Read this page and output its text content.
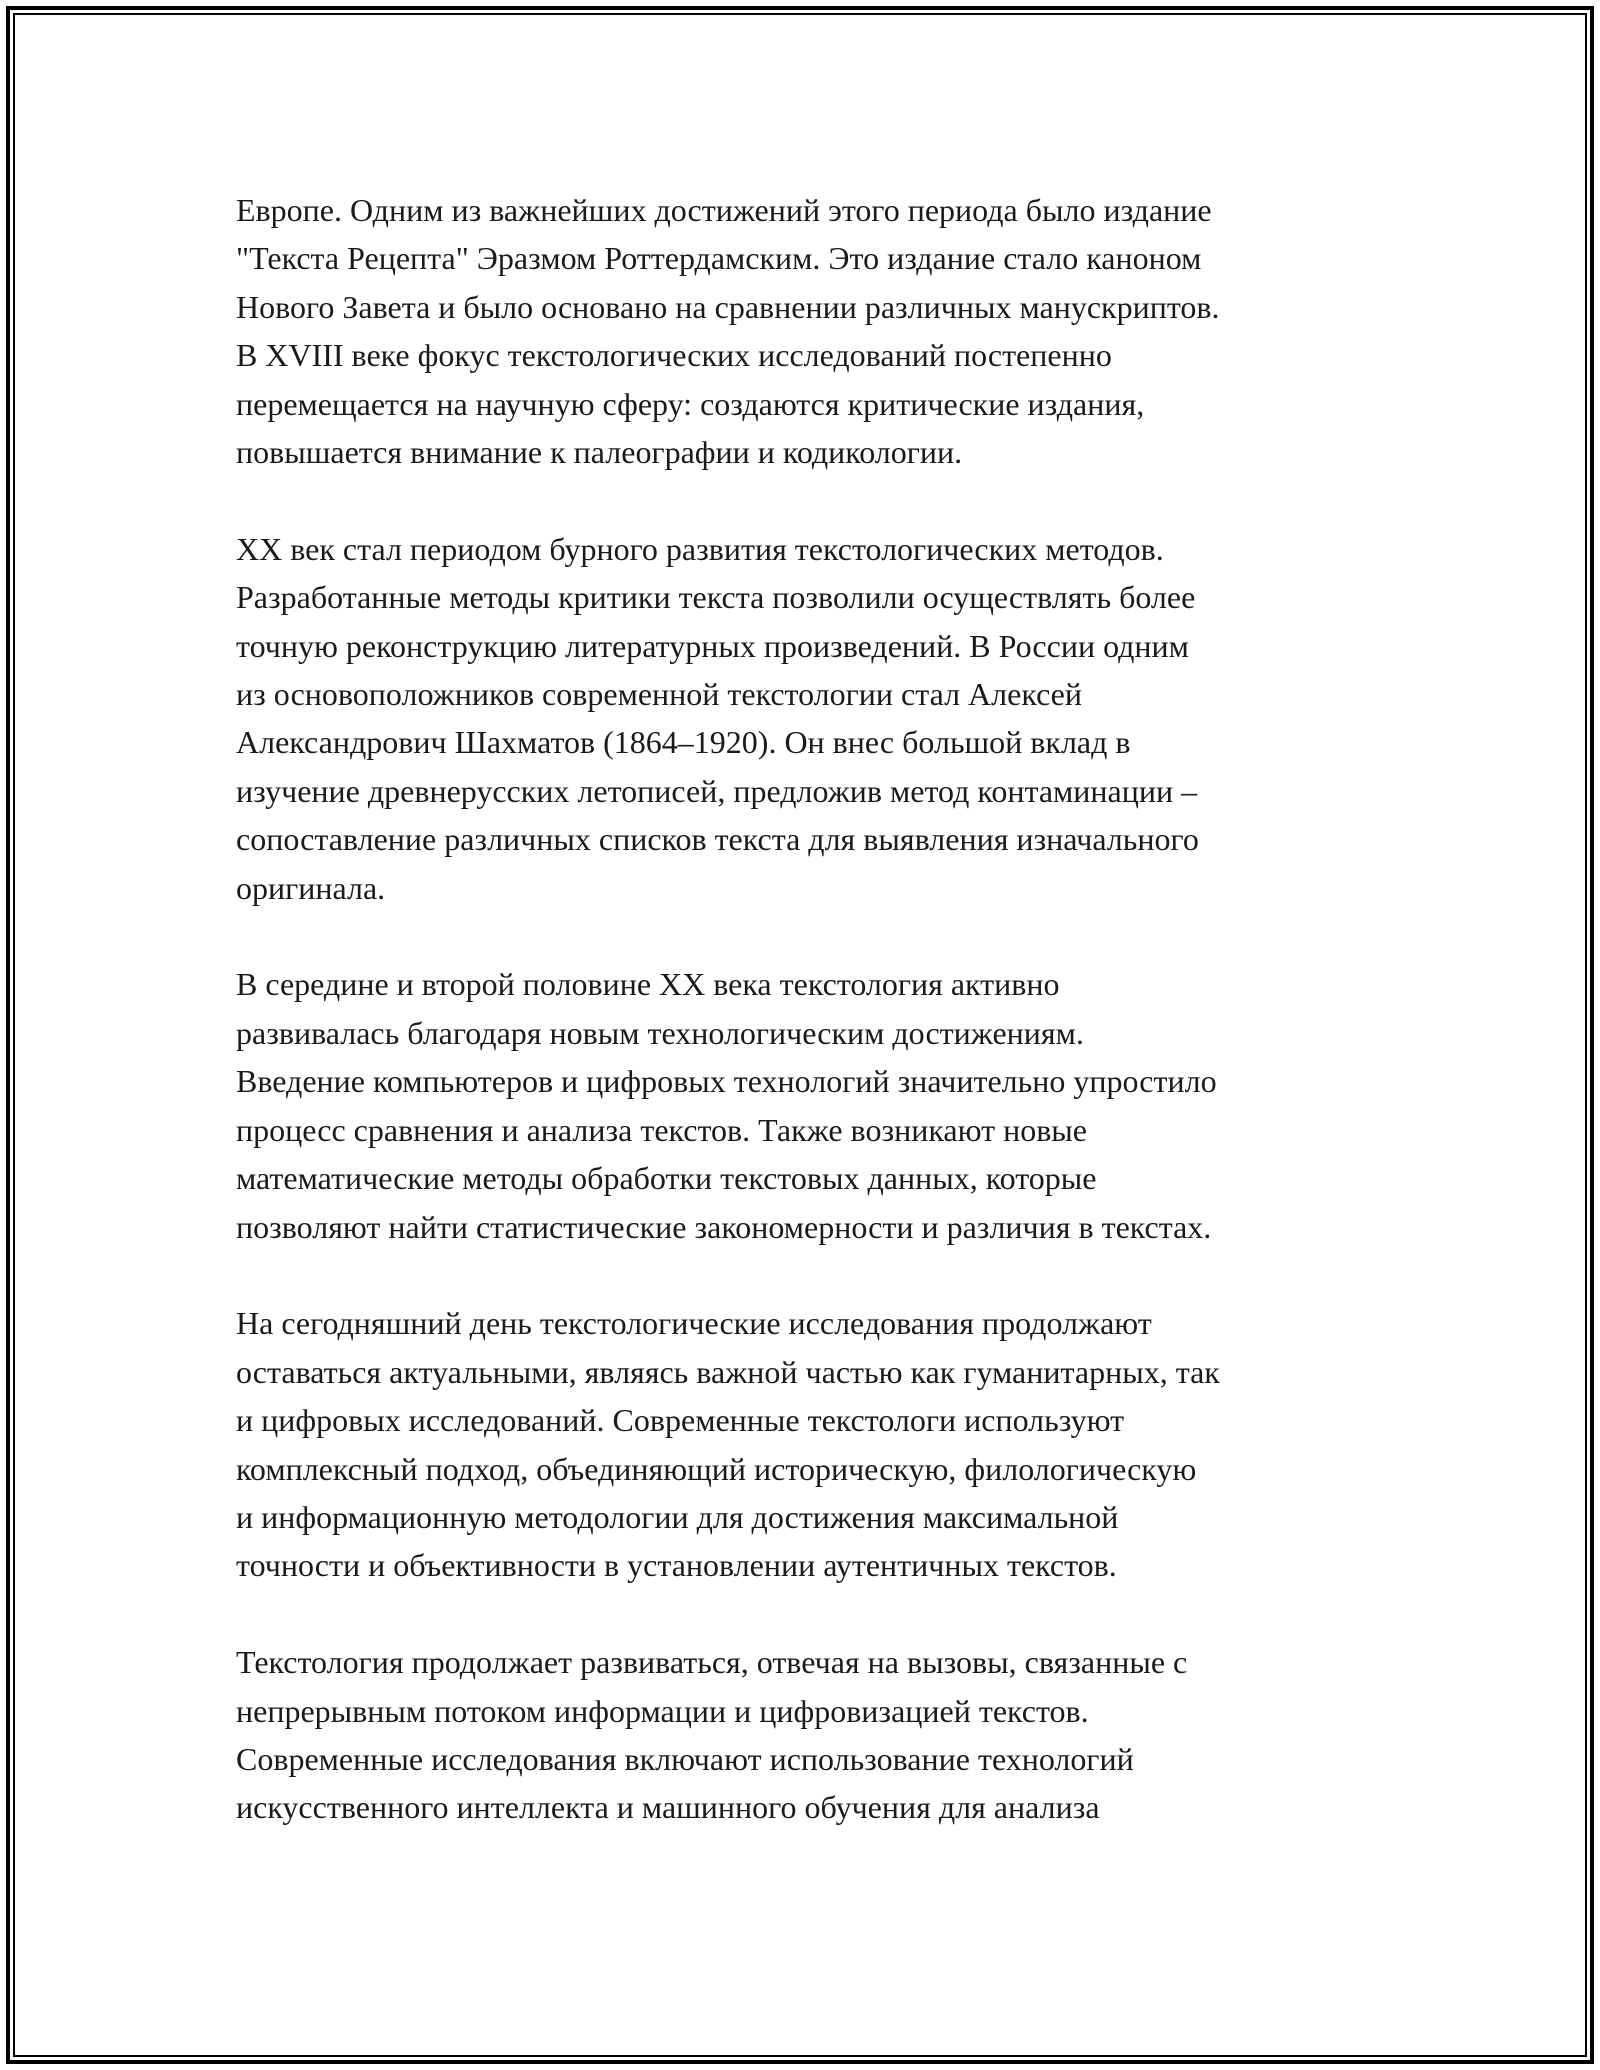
Европе. Одним из важнейших достижений этого периода было издание
"Текста Рецепта" Эразмом Роттердамским. Это издание стало каноном
Нового Завета и было основано на сравнении различных манускриптов.
В XVIII веке фокус текстологических исследований постепенно
перемещается на научную сферу: создаются критические издания,
повышается внимание к палеографии и кодикологии.

XX век стал периодом бурного развития текстологических методов.
Разработанные методы критики текста позволили осуществлять более
точную реконструкцию литературных произведений. В России одним
из основоположников современной текстологии стал Алексей
Александрович Шахматов (1864–1920). Он внес большой вклад в
изучение древнерусских летописей, предложив метод контаминации –
сопоставление различных списков текста для выявления изначального
оригинала.

В середине и второй половине XX века текстология активно
развивалась благодаря новым технологическим достижениям.
Введение компьютеров и цифровых технологий значительно упростило
процесс сравнения и анализа текстов. Также возникают новые
математические методы обработки текстовых данных, которые
позволяют найти статистические закономерности и различия в текстах.

На сегодняшний день текстологические исследования продолжают
оставаться актуальными, являясь важной частью как гуманитарных, так
и цифровых исследований. Современные текстологи используют
комплексный подход, объединяющий историческую, филологическую
и информационную методологии для достижения максимальной
точности и объективности в установлении аутентичных текстов.

Текстология продолжает развиваться, отвечая на вызовы, связанные с
непрерывным потоком информации и цифровизацией текстов.
Современные исследования включают использование технологий
искусственного интеллекта и машинного обучения для анализа
